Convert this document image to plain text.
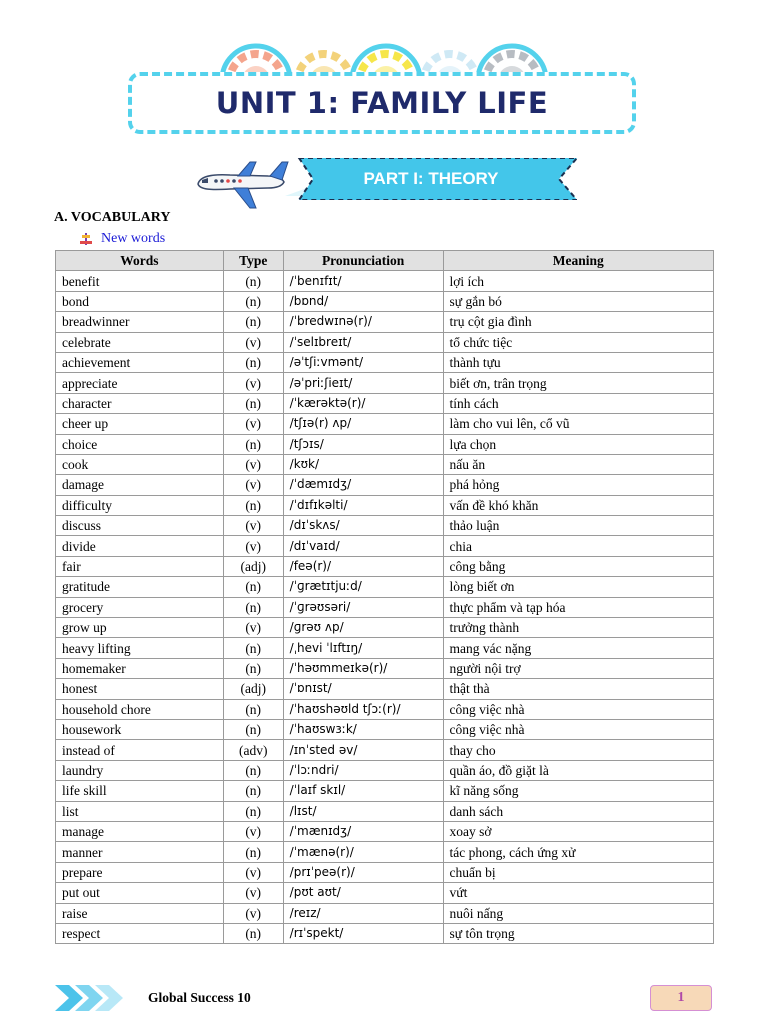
UNIT 1: FAMILY LIFE
PART I: THEORY
A. VOCABULARY
New words
Words	Type	Pronunciation	Meaning
benefit	(n)	/ˈbenɪfɪt/	lợi ích
bond	(n)	/bɒnd/	sự gắn bó
breadwinner	(n)	/ˈbredwɪnə(r)/	trụ cột gia đình
celebrate	(v)	/ˈselɪbreɪt/	tổ chức tiệc
achievement	(n)	/əˈtʃiːvmənt/	thành tựu
appreciate	(v)	/əˈpriːʃieɪt/	biết ơn, trân trọng
character	(n)	/ˈkærəktə(r)/	tính cách
cheer up	(v)	/tʃɪə(r) ʌp/	làm cho vui lên, cổ vũ
choice	(n)	/tʃɔɪs/	lựa chọn
cook	(v)	/kʊk/	nấu ăn
damage	(v)	/ˈdæmɪdʒ/	phá hỏng
difficulty	(n)	/ˈdɪfɪkəlti/	vấn đề khó khăn
discuss	(v)	/dɪˈskʌs/	thảo luận
divide	(v)	/dɪˈvaɪd/	chia
fair	(adj)	/feə(r)/	công bằng
gratitude	(n)	/ˈɡrætɪtjuːd/	lòng biết ơn
grocery	(n)	/ˈɡrəʊsəri/	thực phẩm và tạp hóa
grow up	(v)	/ɡrəʊ ʌp/	trưởng thành
heavy lifting	(n)	/ˌhevi ˈlɪftɪŋ/	mang vác nặng
homemaker	(n)	/ˈhəʊmmeɪkə(r)/	người nội trợ
honest	(adj)	/ˈɒnɪst/	thật thà
household chore	(n)	/ˈhaʊshəʊld tʃɔː(r)/	công việc nhà
housework	(n)	/ˈhaʊswɜːk/	công việc nhà
instead of	(adv)	/ɪnˈsted əv/	thay cho
laundry	(n)	/ˈlɔːndri/	quần áo, đồ giặt là
life skill	(n)	/ˈlaɪf skɪl/	kĩ năng sống
list	(n)	/lɪst/	danh sách
manage	(v)	/ˈmænɪdʒ/	xoay sở
manner	(n)	/ˈmænə(r)/	tác phong, cách ứng xử
prepare	(v)	/prɪˈpeə(r)/	chuẩn bị
put out	(v)	/pʊt aʊt/	vứt
raise	(v)	/reɪz/	nuôi nấng
respect	(n)	/rɪˈspekt/	sự tôn trọng
Global Success 10	1
